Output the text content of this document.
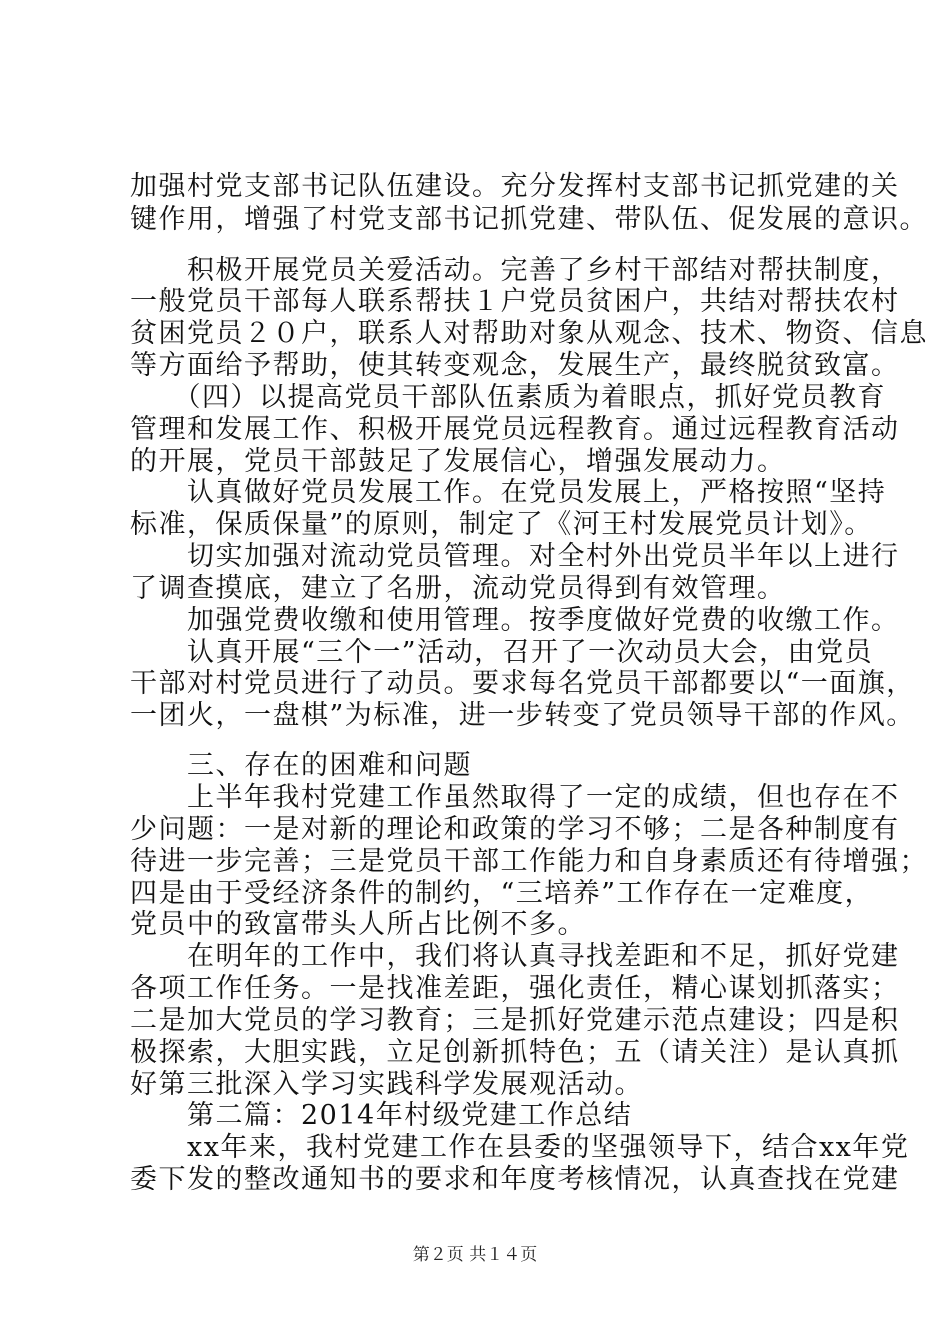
加强村党支部书记队伍建设。充分发挥村支部书记抓党建的关
键作用，增强了村党支部书记抓党建、带队伍、促发展的意识。
　　积极开展党员关爱活动。完善了乡村干部结对帮扶制度，
一般党员干部每人联系帮扶１户党员贫困户，共结对帮扶农村
贫困党员２０户，联系人对帮助对象从观念、技术、物资、信息
等方面给予帮助，使其转变观念，发展生产，最终脱贫致富。
　　（四）以提高党员干部队伍素质为着眼点，抓好党员教育
管理和发展工作、积极开展党员远程教育。通过远程教育活动
的开展，党员干部鼓足了发展信心，增强发展动力。
　　认真做好党员发展工作。在党员发展上，严格按照“坚持
标准，保质保量”的原则，制定了《河王村发展党员计划》。
　　切实加强对流动党员管理。对全村外出党员半年以上进行
了调查摸底，建立了名册，流动党员得到有效管理。
　　加强党费收缴和使用管理。按季度做好党费的收缴工作。
　　认真开展“三个一”活动，召开了一次动员大会，由党员
干部对村党员进行了动员。要求每名党员干部都要以“一面旗，
一团火，一盘棋”为标准，进一步转变了党员领导干部的作风。
　　三、存在的困难和问题
　　上半年我村党建工作虽然取得了一定的成绩，但也存在不
少问题：一是对新的理论和政策的学习不够；二是各种制度有
待进一步完善；三是党员干部工作能力和自身素质还有待增强；
四是由于受经济条件的制约，“三培养”工作存在一定难度，
党员中的致富带头人所占比例不多。
　　在明年的工作中，我们将认真寻找差距和不足，抓好党建
各项工作任务。一是找准差距，强化责任，精心谋划抓落实；
二是加大党员的学习教育；三是抓好党建示范点建设；四是积
极探索，大胆实践，立足创新抓特色；五（请关注）是认真抓
好第三批深入学习实践科学发展观活动。
　　第二篇：2014年村级党建工作总结
　　xx年来，我村党建工作在县委的坚强领导下，结合xx年党
委下发的整改通知书的要求和年度考核情况，认真查找在党建
第２页 共１４页
